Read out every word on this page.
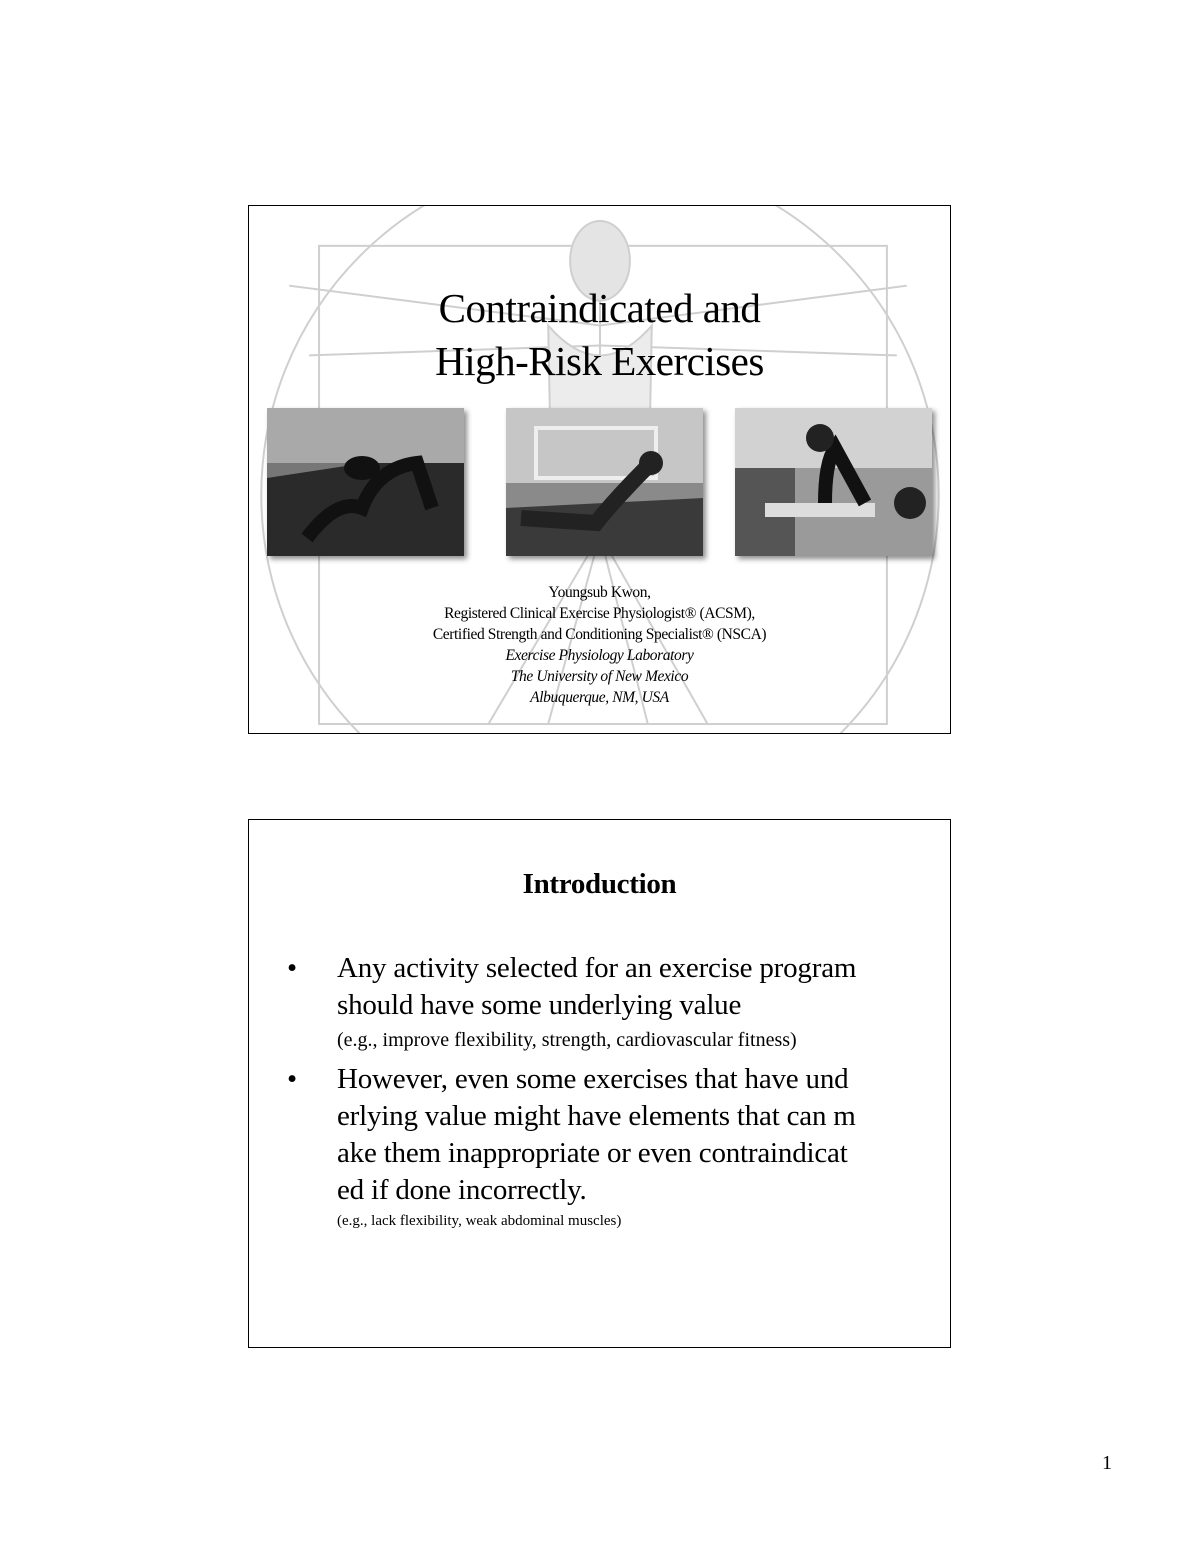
Contraindicated and
High-Risk Exercises
Youngsub Kwon,
Registered Clinical Exercise Physiologist® (ACSM),
Certified Strength and Conditioning Specialist® (NSCA)
Exercise Physiology Laboratory
The University of New Mexico
Albuquerque, NM, USA
Introduction
• Any activity selected for an exercise program
should have some underlying value
(e.g., improve flexibility, strength, cardiovascular fitness)
• However, even some exercises that have und
erlying value might have elements that can m
ake them inappropriate or even contraindicat
ed if done incorrectly.
(e.g., lack flexibility, weak abdominal muscles)
1
